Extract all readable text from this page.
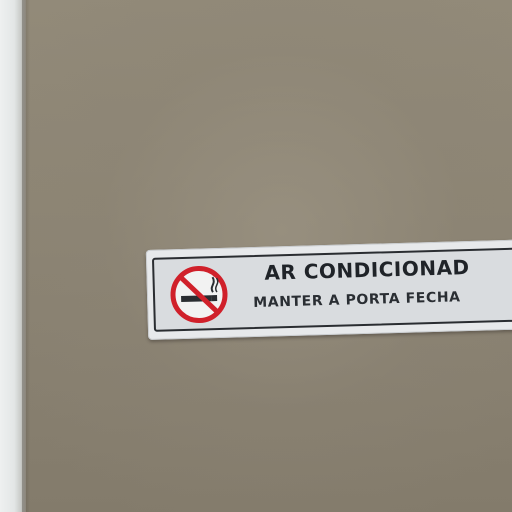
AR CONDICIONAD
MANTER A PORTA FECHA
